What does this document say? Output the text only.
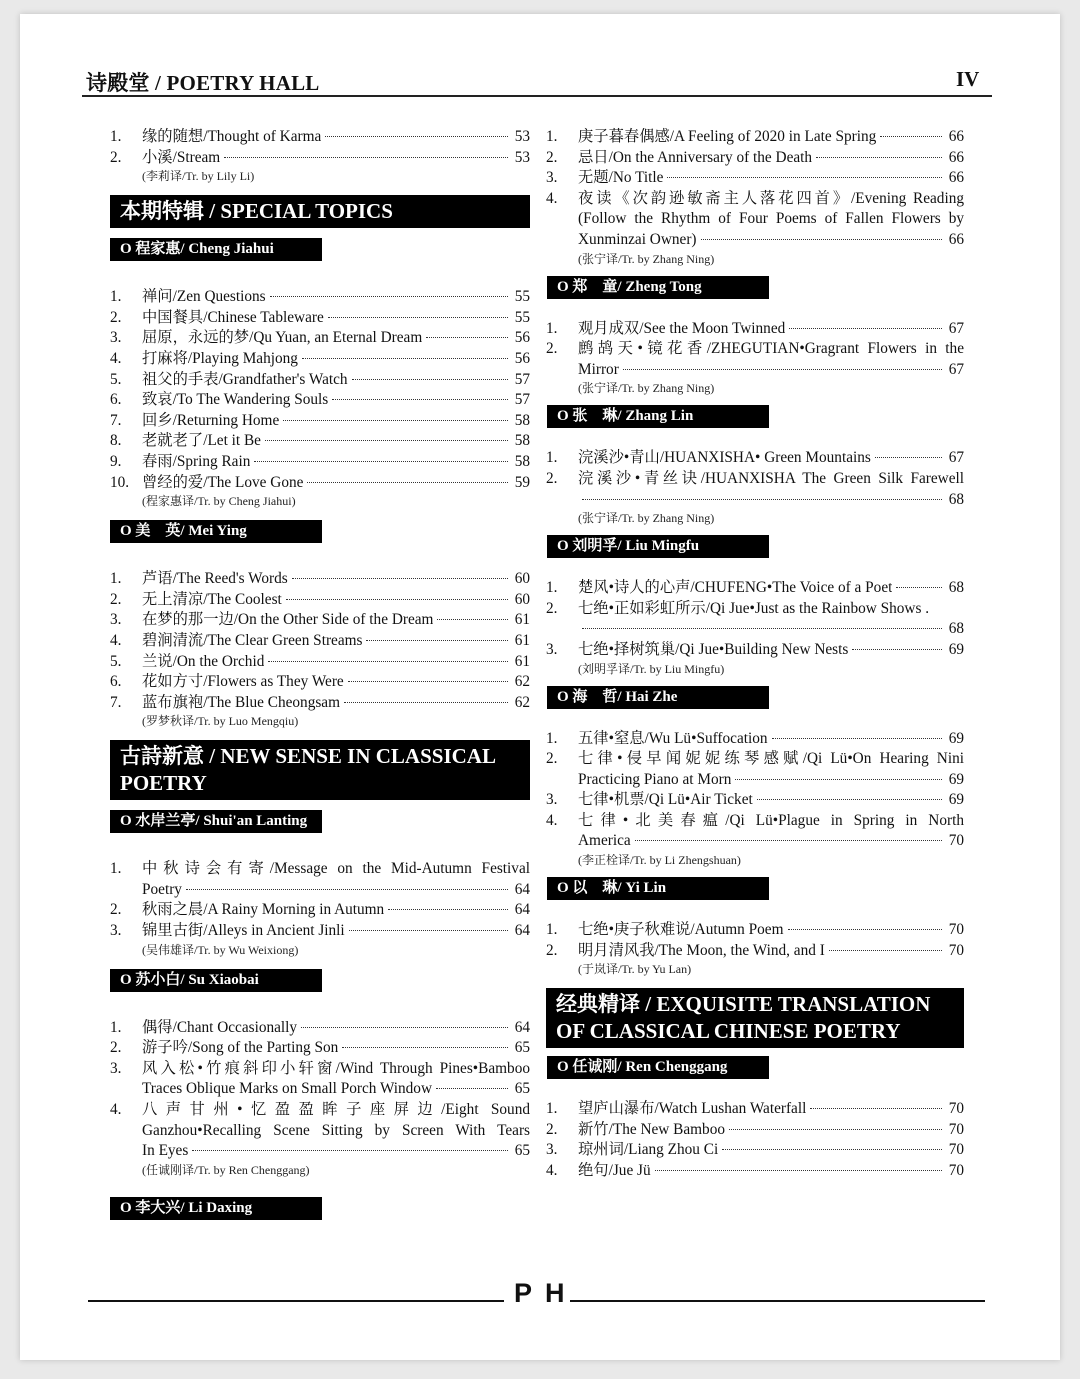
诗殿堂 / POETRY HALL	IV
1. 缘的随想/Thought of Karma	53
2. 小溪/Stream	53
(李莉译/Tr. by Lily Li)
本期特辑 / SPECIAL TOPICS
O 程家惠/ Cheng Jiahui
1. 禅问/Zen Questions	55
2. 中国餐具/Chinese Tableware	55
3. 屈原，永远的梦/Qu Yuan, an Eternal Dream	56
4. 打麻将/Playing Mahjong	56
5. 祖父的手表/Grandfather's Watch	57
6. 致哀/To The Wandering Souls	57
7. 回乡/Returning Home	58
8. 老就老了/Let it Be	58
9. 春雨/Spring Rain	58
10. 曾经的爱/The Love Gone	59
(程家惠译/Tr. by Cheng Jiahui)
O 美　英/ Mei Ying
1. 芦语/The Reed's Words	60
2. 无上清凉/The Coolest	60
3. 在梦的那一边/On the Other Side of the Dream	61
4. 碧涧清流/The Clear Green Streams	61
5. 兰说/On the Orchid	61
6. 花如方寸/Flowers as They Were	62
7. 蓝布旗袍/The Blue Cheongsam	62
(罗梦秋译/Tr. by Luo Mengqiu)
古詩新意 / NEW SENSE IN CLASSICAL POETRY
O 水岸兰亭/ Shui'an Lanting
1. 中秋诗会有寄/Message on the Mid-Autumn Festival
Poetry	64
2. 秋雨之晨/A Rainy Morning in Autumn	64
3. 锦里古街/Alleys in Ancient Jinli	64
(吴伟雄译/Tr. by Wu Weixiong)
O 苏小白/ Su Xiaobai
1. 偶得/Chant Occasionally	64
2. 游子吟/Song of the Parting Son	65
3. 风入松•竹痕斜印小轩窗/Wind Through Pines•Bamboo
Traces Oblique Marks on Small Porch Window	65
4. 八声甘州•忆盈盈眸子座屏边/Eight Sound
Ganzhou•Recalling Scene Sitting by Screen With Tears
In Eyes	65
(任诚刚译/Tr. by Ren Chenggang)
O 李大兴/ Li Daxing
1. 庚子暮春偶感/A Feeling of 2020 in Late Spring	66
2. 忌日/On the Anniversary of the Death	66
3. 无题/No Title	66
4. 夜读《次韵逊敏斋主人落花四首》/Evening Reading
(Follow the Rhythm of Four Poems of Fallen Flowers by
Xunminzai Owner)	66
(张宁译/Tr. by Zhang Ning)
O 郑　童/ Zheng Tong
1. 观月成双/See the Moon Twinned	67
2. 鹧鸪天•镜花香/ZHEGUTIAN•Gragrant Flowers in the
Mirror	67
(张宁译/Tr. by Zhang Ning)
O 张　琳/ Zhang Lin
1. 浣溪沙•青山/HUANXISHA• Green Mountains	67
2. 浣溪沙•青丝诀/HUANXISHA The Green Silk Farewell
68
(张宁译/Tr. by Zhang Ning)
O 刘明孚/ Liu Mingfu
1. 楚风•诗人的心声/CHUFENG•The Voice of a Poet	68
2. 七绝•正如彩虹所示/Qi Jue•Just as the Rainbow Shows .
68
3. 七绝•择树筑巢/Qi Jue•Building New Nests	69
(刘明孚译/Tr. by Liu Mingfu)
O 海　哲/ Hai Zhe
1. 五律•窒息/Wu Lü•Suffocation	69
2. 七律•侵早闻妮妮练琴感赋/Qi Lü•On Hearing Nini
Practicing Piano at Morn	69
3. 七律•机票/Qi Lü•Air Ticket	69
4. 七律•北美春瘟/Qi Lü•Plague in Spring in North
America	70
(李正栓译/Tr. by Li Zhengshuan)
O 以　琳/ Yi Lin
1. 七绝•庚子秋难说/Autumn Poem	70
2. 明月清风我/The Moon, the Wind, and I	70
(于岚译/Tr. by Yu Lan)
经典精译 / EXQUISITE TRANSLATION OF CLASSICAL CHINESE POETRY
O 任诚刚/ Ren Chenggang
1. 望庐山瀑布/Watch Lushan Waterfall	70
2. 新竹/The New Bamboo	70
3. 琼州词/Liang Zhou Ci	70
4. 绝句/Jue Jü	70
P H
